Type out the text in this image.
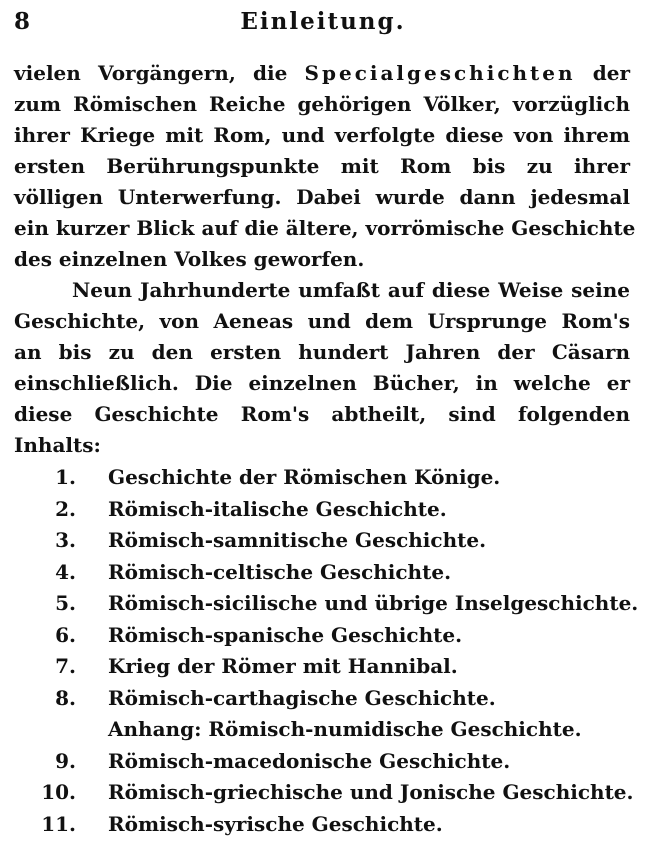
8	Einleitung.

vielen Vorgängern, die Specialgeschichten der
zum Römischen Reiche gehörigen Völker, vorzüglich
ihrer Kriege mit Rom, und verfolgte diese von ihrem
ersten Berührungspunkte mit Rom bis zu ihrer
völligen Unterwerfung. Dabei wurde dann jedesmal
ein kurzer Blick auf die ältere, vorrömische Geschichte
des einzelnen Volkes geworfen.

Neun Jahrhunderte umfaßt auf diese Weise seine
Geschichte, von Aeneas und dem Ursprunge Rom's
an bis zu den ersten hundert Jahren der Cäsarn
einschließlich. Die einzelnen Bücher, in welche er
diese Geschichte Rom's abtheilt, sind folgenden
Inhalts:

1. Geschichte der Römischen Könige.
2. Römisch-italische Geschichte.
3. Römisch-samnitische Geschichte.
4. Römisch-celtische Geschichte.
5. Römisch-sicilische und übrige Inselgeschichte.
6. Römisch-spanische Geschichte.
7. Krieg der Römer mit Hannibal.
8. Römisch-carthagische Geschichte.
Anhang: Römisch-numidische Geschichte.
9. Römisch-macedonische Geschichte.
10. Römisch-griechische und Jonische Geschichte.
11. Römisch-syrische Geschichte.
